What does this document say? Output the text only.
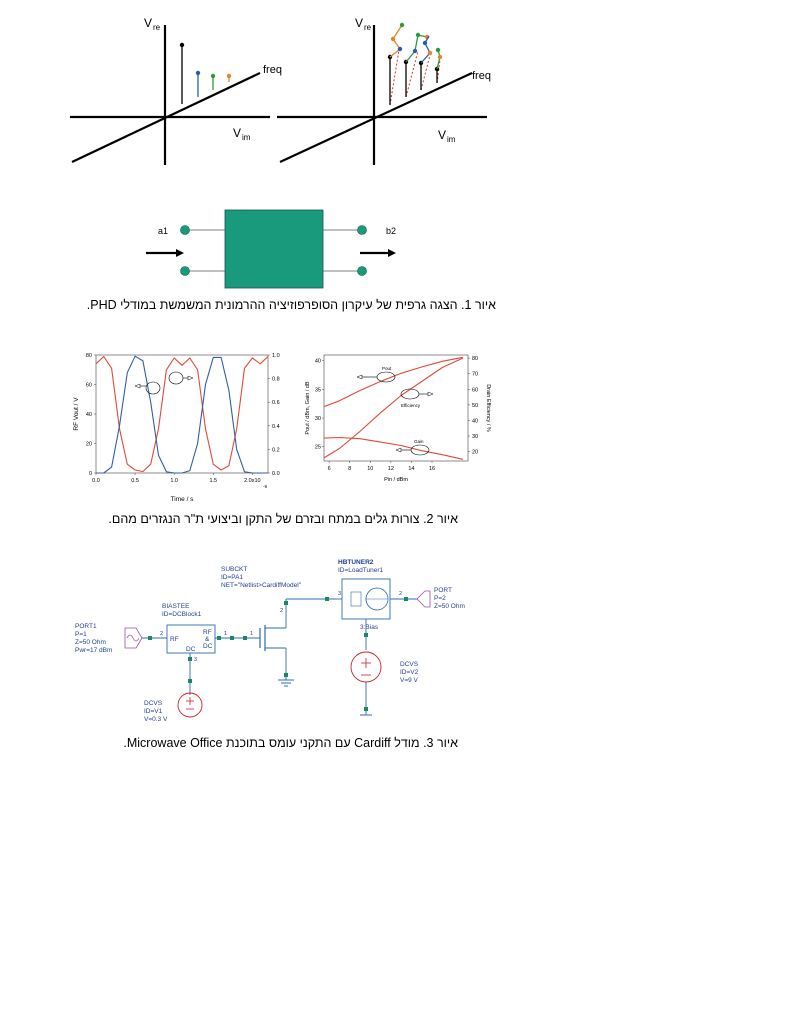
V re
freq
V im
V re
freq
V im
a1	b2
איור 1. הצגה גרפית של עיקרון הסופרפוזיציה ההרמונית המשמשת במודלי PHD.
80
60
40
20
0
1.0
0.8
0.6
0.4
0.2
0.0
0.0	0.5	1.0	1.5	2.0x10
-9
Time / s
RF Vout / V
40
35
30
25
80
70
60
50
40
30
20
6	8	10	12	14	16
Pin / dBm
Pout / dBm, Gain / dB	Drain Efficiency / %
Pout
Efficiency
Gain
איור 2. צורות גלים במתח ובזרם של התקן וביצועי ת"ר הנגזרים מהם.
SUBCKT
ID=PA1
NET="Netlist>CardiffModel"
HBTUNER2
ID=LoadTuner1
PORT
P=2
Z=50 Ohm
PORT1
P=1
Z=50 Ohm
Pwr=17 dBm
BIASTEE
ID=DCBlock1
DCVS
ID=V2
V=9 V
DCVS
ID=V1
V=0.3 V
2
RF
RF
&
DC
DC
1	1
3
2
3	2
3:Bias
איור 3. מודל Cardiff עם התקני עומס בתוכנת Microwave Office.
